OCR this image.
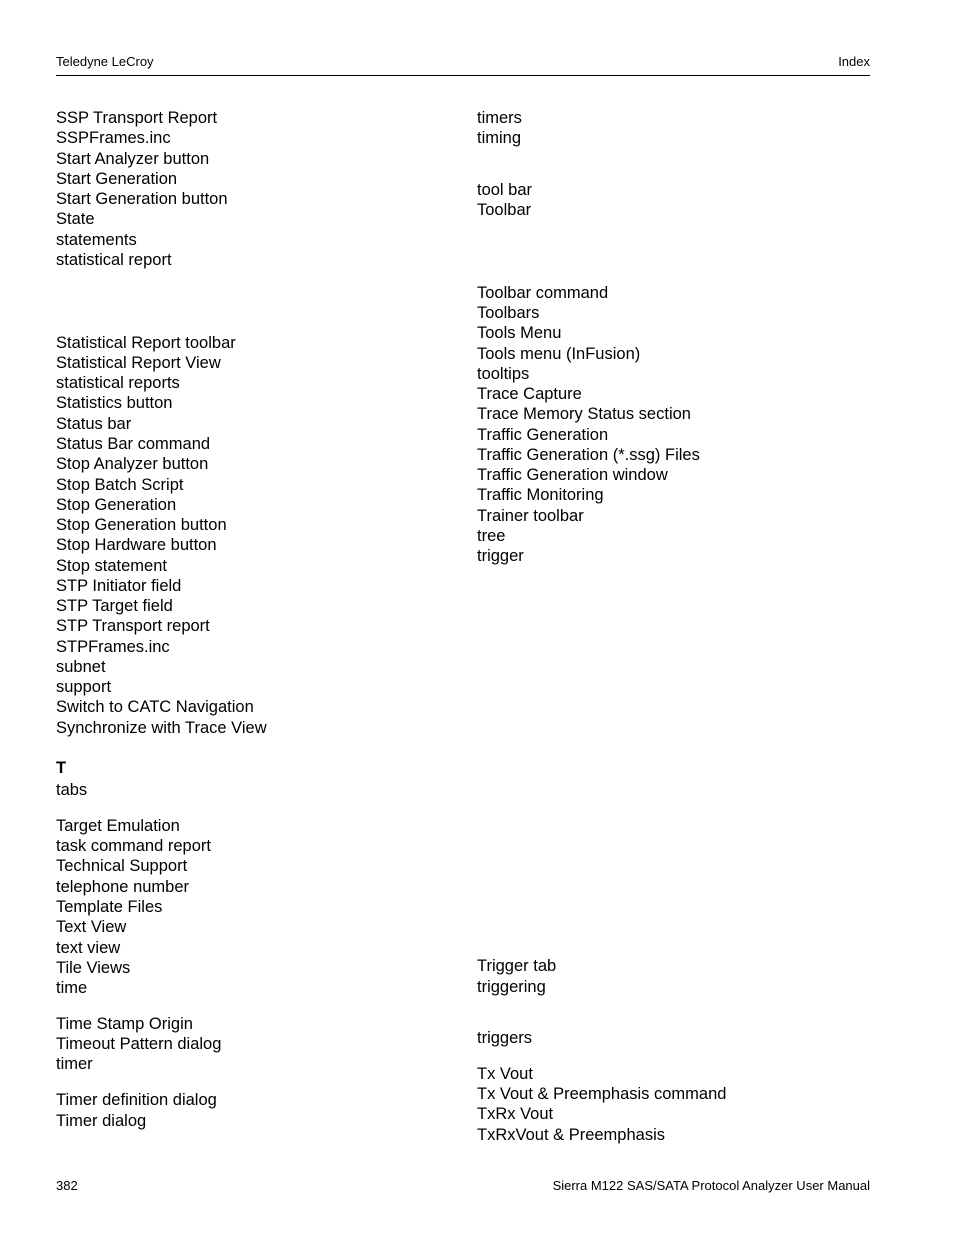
Teledyne LeCroy	Index
SSP Transport Report
SSPFrames.inc
Start Analyzer button
Start Generation
Start Generation button
State
statements
statistical report
Statistical Report toolbar
Statistical Report View
statistical reports
Statistics button
Status bar
Status Bar command
Stop Analyzer button
Stop Batch Script
Stop Generation
Stop Generation button
Stop Hardware button
Stop statement
STP Initiator field
STP Target field
STP Transport report
STPFrames.inc
subnet
support
Switch to CATC Navigation
Synchronize with Trace View
T
tabs
Target Emulation
task command report
Technical Support
telephone number
Template Files
Text View
text view
Tile Views
time
Time Stamp Origin
Timeout Pattern dialog
timer
Timer definition dialog
Timer dialog
timers
timing
tool bar
Toolbar
Toolbar command
Toolbars
Tools Menu
Tools menu (InFusion)
tooltips
Trace Capture
Trace Memory Status section
Traffic Generation
Traffic Generation (*.ssg) Files
Traffic Generation window
Traffic Monitoring
Trainer toolbar
tree
trigger
Trigger tab
triggering
triggers
Tx Vout
Tx Vout & Preemphasis command
TxRx Vout
TxRxVout & Preemphasis
382	Sierra M122 SAS/SATA Protocol Analyzer User Manual
